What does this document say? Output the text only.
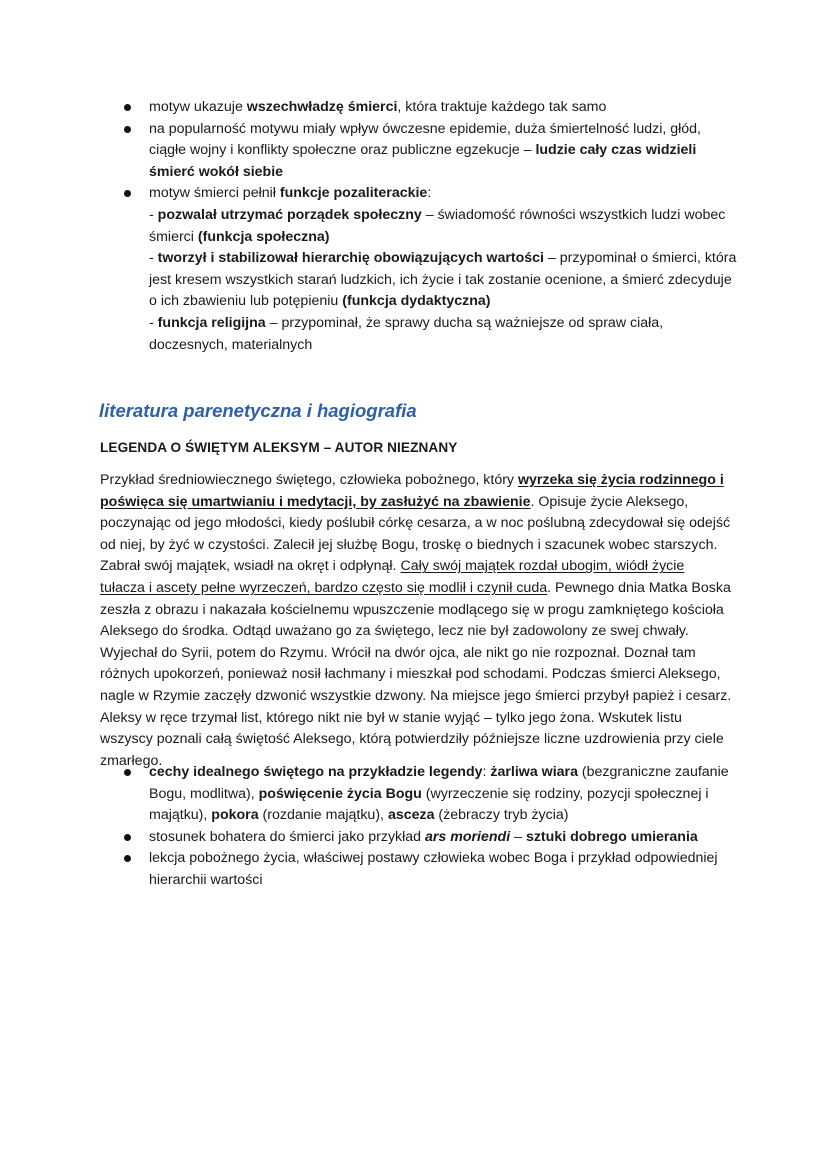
motyw ukazuje wszechwładzę śmierci, która traktuje każdego tak samo
na popularność motywu miały wpływ ówczesne epidemie, duża śmiertelność ludzi, głód, ciągłe wojny i konflikty społeczne oraz publiczne egzekucje – ludzie cały czas widzieli śmierć wokół siebie
motyw śmierci pełnił funkcje pozaliterackie:
- pozwalał utrzymać porządek społeczny – świadomość równości wszystkich ludzi wobec śmierci (funkcja społeczna)
- tworzył i stabilizował hierarchię obowiązujących wartości – przypominał o śmierci, która jest kresem wszystkich starań ludzkich, ich życie i tak zostanie ocenione, a śmierć zdecyduje o ich zbawieniu lub potępieniu (funkcja dydaktyczna)
- funkcja religijna – przypominał, że sprawy ducha są ważniejsze od spraw ciała, doczesnych, materialnych
literatura parenetyczna i hagiografia
LEGENDA O ŚWIĘTYM ALEKSYM – AUTOR NIEZNANY

Przykład średniowiecznego świętego, człowieka pobożnego, który wyrzeka się życia rodzinnego i poświęca się umartwianiu i medytacji, by zasłużyć na zbawienie. Opisuje życie Aleksego, poczynając od jego młodości, kiedy poślubił córkę cesarza, a w noc poślubną zdecydował się odejść od niej, by żyć w czystości. Zalecił jej służbę Bogu, troskę o biednych i szacunek wobec starszych. Zabrał swój majątek, wsiadł na okręt i odpłynął. Cały swój majątek rozdał ubogim, wiódł życie tułacza i ascety pełne wyrzeczeń, bardzo często się modlił i czynił cuda. Pewnego dnia Matka Boska zeszła z obrazu i nakazała kościelnemu wpuszczenie modlącego się w progu zamkniętego kościoła Aleksego do środka. Odtąd uważano go za świętego, lecz nie był zadowolony ze swej chwały. Wyjechał do Syrii, potem do Rzymu. Wrócił na dwór ojca, ale nikt go nie rozpoznał. Doznał tam różnych upokorzeń, ponieważ nosił łachmany i mieszkał pod schodami. Podczas śmierci Aleksego, nagle w Rzymie zaczęły dzwonić wszystkie dzwony. Na miejsce jego śmierci przybył papież i cesarz. Aleksy w ręce trzymał list, którego nikt nie był w stanie wyjąć – tylko jego żona. Wskutek listu wszyscy poznali całą świętość Aleksego, którą potwierdziły późniejsze liczne uzdrowienia przy ciele zmarłego.

cechy idealnego świętego na przykładzie legendy: żarliwa wiara (bezgraniczne zaufanie Bogu, modlitwa), poświęcenie życia Bogu (wyrzeczenie się rodziny, pozycji społecznej i majątku), pokora (rozdanie majątku), asceza (żebraczy tryb życia)
stosunek bohatera do śmierci jako przykład ars moriendi – sztuki dobrego umierania
lekcja pobożnego życia, właściwej postawy człowieka wobec Boga i przykład odpowiedniej hierarchii wartości
